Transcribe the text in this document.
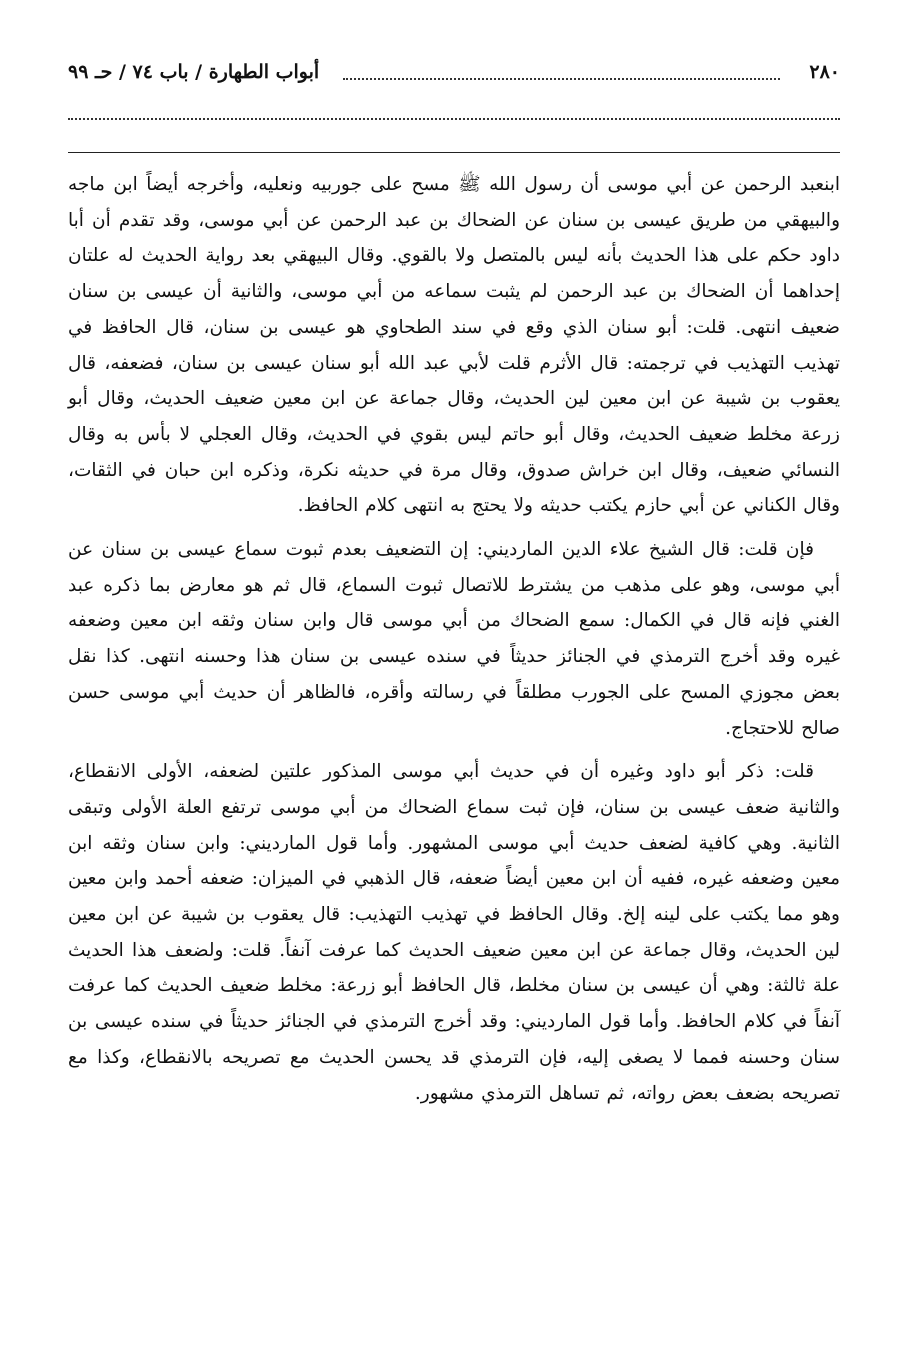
٢٨٠
أبواب الطهارة / باب ٧٤ / حـ ٩٩

ابنعبد الرحمن عن أبي موسى أن رسول الله ﷺ مسح على جوربيه ونعليه، وأخرجه أيضاً ابن ماجه والبيهقي من طريق عيسى بن سنان عن الضحاك بن عبد الرحمن عن أبي موسى، وقد تقدم أن أبا داود حكم على هذا الحديث بأنه ليس بالمتصل ولا بالقوي. وقال البيهقي بعد رواية الحديث له علتان إحداهما أن الضحاك بن عبد الرحمن لم يثبت سماعه من أبي موسى، والثانية أن عيسى بن سنان ضعيف انتهى. قلت: أبو سنان الذي وقع في سند الطحاوي هو عيسى بن سنان، قال الحافظ في تهذيب التهذيب في ترجمته: قال الأثرم قلت لأبي عبد الله أبو سنان عيسى بن سنان، فضعفه، قال يعقوب بن شيبة عن ابن معين لين الحديث، وقال جماعة عن ابن معين ضعيف الحديث، وقال أبو زرعة مخلط ضعيف الحديث، وقال أبو حاتم ليس بقوي في الحديث، وقال العجلي لا بأس به وقال النسائي ضعيف، وقال ابن خراش صدوق، وقال مرة في حديثه نكرة، وذكره ابن حبان في الثقات، وقال الكناني عن أبي حازم يكتب حديثه ولا يحتج به انتهى كلام الحافظ.

فإن قلت: قال الشيخ علاء الدين المارديني: إن التضعيف بعدم ثبوت سماع عيسى بن سنان عن أبي موسى، وهو على مذهب من يشترط للاتصال ثبوت السماع، قال ثم هو معارض بما ذكره عبد الغني فإنه قال في الكمال: سمع الضحاك من أبي موسى قال وابن سنان وثقه ابن معين وضعفه غيره وقد أخرج الترمذي في الجنائز حديثاً في سنده عيسى بن سنان هذا وحسنه انتهى. كذا نقل بعض مجوزي المسح على الجورب مطلقاً في رسالته وأقره، فالظاهر أن حديث أبي موسى حسن صالح للاحتجاج.

قلت: ذكر أبو داود وغيره أن في حديث أبي موسى المذكور علتين لضعفه، الأولى الانقطاع، والثانية ضعف عيسى بن سنان، فإن ثبت سماع الضحاك من أبي موسى ترتفع العلة الأولى وتبقى الثانية. وهي كافية لضعف حديث أبي موسى المشهور. وأما قول المارديني: وابن سنان وثقه ابن معين وضعفه غيره، ففيه أن ابن معين أيضاً ضعفه، قال الذهبي في الميزان: ضعفه أحمد وابن معين وهو مما يكتب على لينه إلخ. وقال الحافظ في تهذيب التهذيب: قال يعقوب بن شيبة عن ابن معين لين الحديث، وقال جماعة عن ابن معين ضعيف الحديث كما عرفت آنفاً. قلت: ولضعف هذا الحديث علة ثالثة: وهي أن عيسى بن سنان مخلط، قال الحافظ أبو زرعة: مخلط ضعيف الحديث كما عرفت آنفاً في كلام الحافظ. وأما قول المارديني: وقد أخرج الترمذي في الجنائز حديثاً في سنده عيسى بن سنان وحسنه فمما لا يصغى إليه، فإن الترمذي قد يحسن الحديث مع تصريحه بالانقطاع، وكذا مع تصريحه بضعف بعض رواته، ثم تساهل الترمذي مشهور.
